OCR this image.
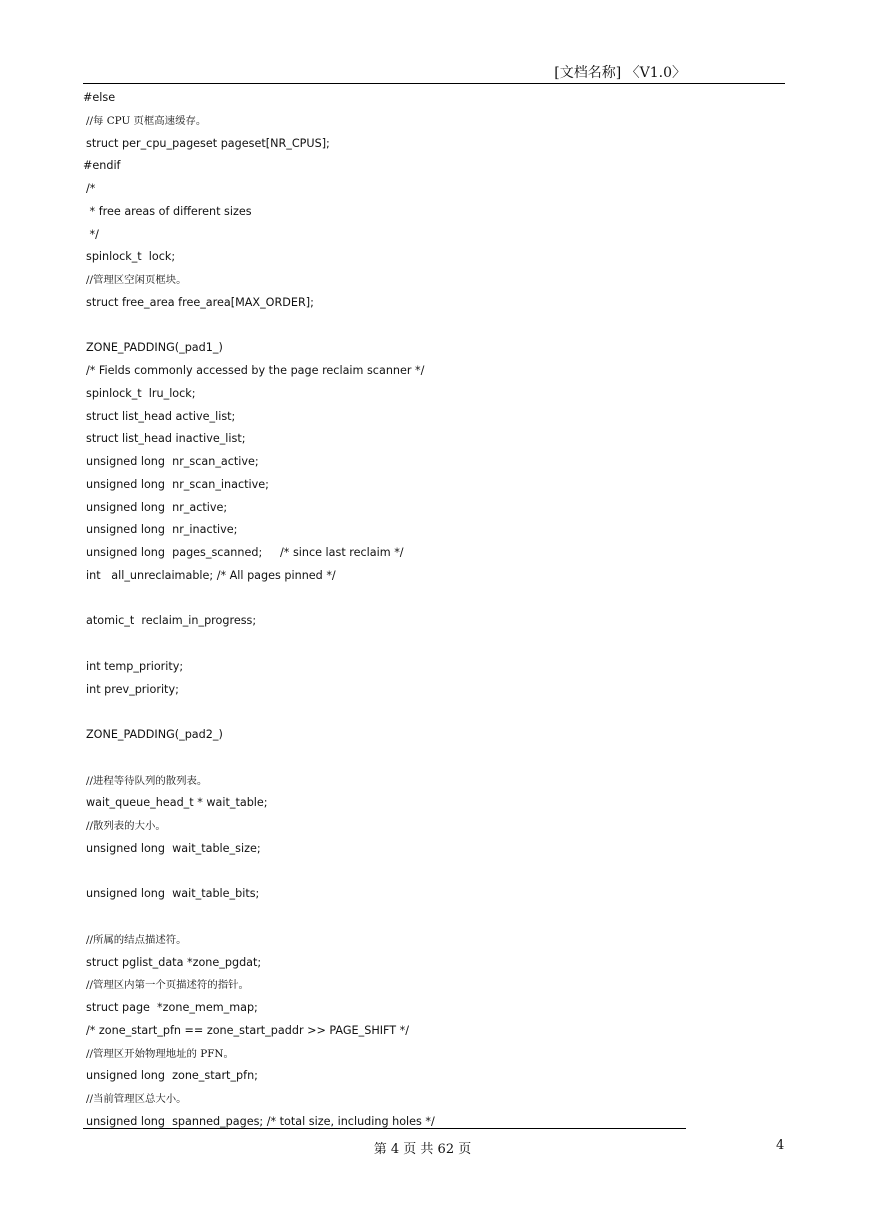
[文档名称] 〈V1.0〉
#else
//每 CPU 页框高速缓存。
struct per_cpu_pageset pageset[NR_CPUS];
#endif
/*
* free areas of different sizes
*/
spinlock_t  lock;
//管理区空闲页框块。
struct free_area free_area[MAX_ORDER];
ZONE_PADDING(_pad1_)
/* Fields commonly accessed by the page reclaim scanner */
spinlock_t  lru_lock;
struct list_head active_list;
struct list_head inactive_list;
unsigned long  nr_scan_active;
unsigned long  nr_scan_inactive;
unsigned long  nr_active;
unsigned long  nr_inactive;
unsigned long  pages_scanned;     /* since last reclaim */
int   all_unreclaimable; /* All pages pinned */
atomic_t  reclaim_in_progress;
int temp_priority;
int prev_priority;
ZONE_PADDING(_pad2_)
//进程等待队列的散列表。
wait_queue_head_t * wait_table;
//散列表的大小。
unsigned long  wait_table_size;
unsigned long  wait_table_bits;
//所属的结点描述符。
struct pglist_data *zone_pgdat;
//管理区内第一个页描述符的指针。
struct page  *zone_mem_map;
/* zone_start_pfn == zone_start_paddr >> PAGE_SHIFT */
//管理区开始物理地址的 PFN。
unsigned long  zone_start_pfn;
//当前管理区总大小。
unsigned long  spanned_pages; /* total size, including holes */
第 4 页 共 62 页	4
